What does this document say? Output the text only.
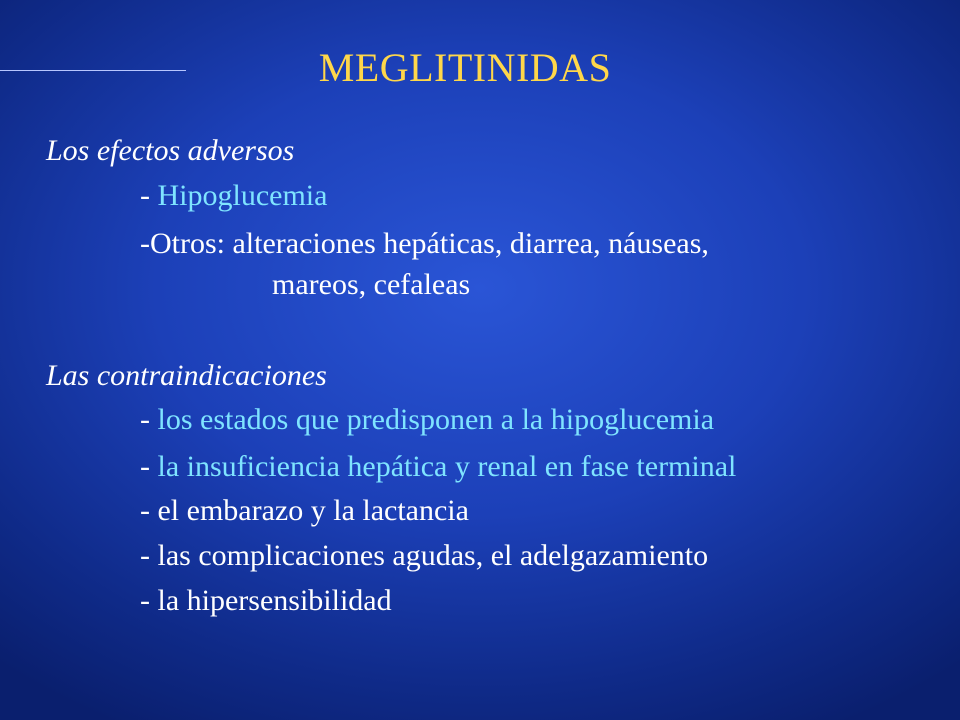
MEGLITINIDAS
Los efectos adversos
- Hipoglucemia
-Otros: alteraciones hepáticas, diarrea, náuseas,
mareos, cefaleas
Las contraindicaciones
- los estados que predisponen a la hipoglucemia
- la insuficiencia hepática y renal en fase terminal
- el embarazo y la lactancia
- las complicaciones agudas, el adelgazamiento
- la hipersensibilidad
